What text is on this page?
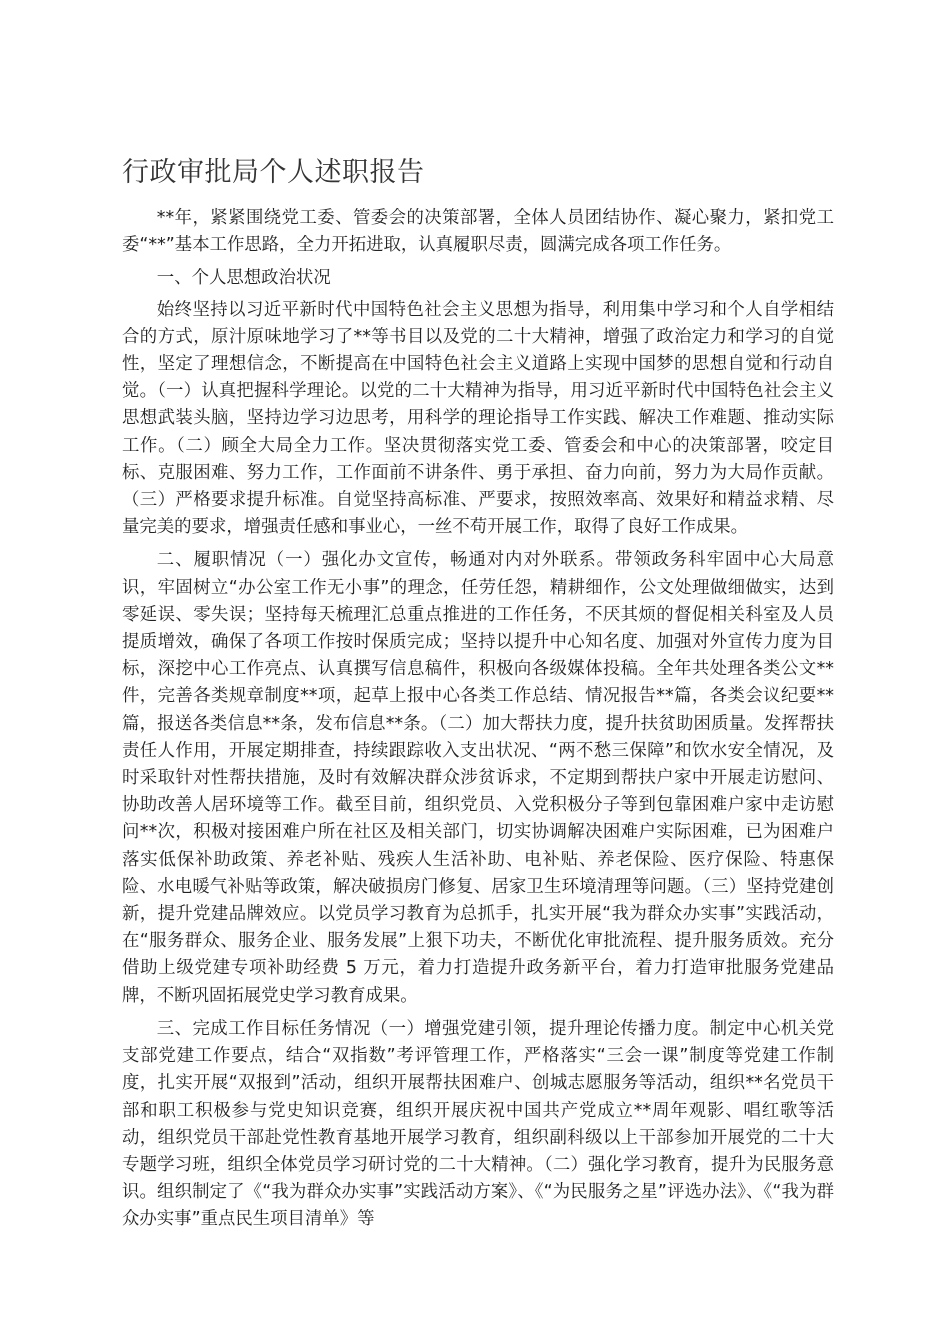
行政审批局个人述职报告

**年，紧紧围绕党工委、管委会的决策部署，全体人员团结协作、凝心聚力，紧扣党工委“**”基本工作思路，全力开拓进取，认真履职尽责，圆满完成各项工作任务。

一、个人思想政治状况

始终坚持以习近平新时代中国特色社会主义思想为指导，利用集中学习和个人自学相结合的方式，原汁原味地学习了**等书目以及党的二十大精神，增强了政治定力和学习的自觉性，坚定了理想信念，不断提高在中国特色社会主义道路上实现中国梦的思想自觉和行动自觉。（一）认真把握科学理论。以党的二十大精神为指导，用习近平新时代中国特色社会主义思想武装头脑，坚持边学习边思考，用科学的理论指导工作实践、解决工作难题、推动实际工作。（二）顾全大局全力工作。坚决贯彻落实党工委、管委会和中心的决策部署，咬定目标、克服困难、努力工作，工作面前不讲条件、勇于承担、奋力向前，努力为大局作贡献。（三）严格要求提升标准。自觉坚持高标准、严要求，按照效率高、效果好和精益求精、尽量完美的要求，增强责任感和事业心，一丝不苟开展工作，取得了良好工作成果。

二、履职情况（一）强化办文宣传，畅通对内对外联系。带领政务科牢固中心大局意识，牢固树立“办公室工作无小事”的理念，任劳任怨，精耕细作，公文处理做细做实，达到零延误、零失误；坚持每天梳理汇总重点推进的工作任务，不厌其烦的督促相关科室及人员提质增效，确保了各项工作按时保质完成；坚持以提升中心知名度、加强对外宣传力度为目标，深挖中心工作亮点、认真撰写信息稿件，积极向各级媒体投稿。全年共处理各类公文**件，完善各类规章制度**项，起草上报中心各类工作总结、情况报告**篇，各类会议纪要**篇，报送各类信息**条，发布信息**条。（二）加大帮扶力度，提升扶贫助困质量。发挥帮扶责任人作用，开展定期排查，持续跟踪收入支出状况、“两不愁三保障”和饮水安全情况，及时采取针对性帮扶措施，及时有效解决群众涉贫诉求，不定期到帮扶户家中开展走访慰问、协助改善人居环境等工作。截至目前，组织党员、入党积极分子等到包靠困难户家中走访慰问**次，积极对接困难户所在社区及相关部门，切实协调解决困难户实际困难，已为困难户落实低保补助政策、养老补贴、残疾人生活补助、电补贴、养老保险、医疗保险、特惠保险、水电暖气补贴等政策，解决破损房门修复、居家卫生环境清理等问题。（三）坚持党建创新，提升党建品牌效应。以党员学习教育为总抓手，扎实开展“我为群众办实事”实践活动，在“服务群众、服务企业、服务发展”上狠下功夫，不断优化审批流程、提升服务质效。充分借助上级党建专项补助经费 5 万元，着力打造提升政务新平台，着力打造审批服务党建品牌，不断巩固拓展党史学习教育成果。

三、完成工作目标任务情况（一）增强党建引领，提升理论传播力度。制定中心机关党支部党建工作要点，结合“双指数”考评管理工作，严格落实“三会一课”制度等党建工作制度，扎实开展“双报到”活动，组织开展帮扶困难户、创城志愿服务等活动，组织**名党员干部和职工积极参与党史知识竞赛，组织开展庆祝中国共产党成立**周年观影、唱红歌等活动，组织党员干部赴党性教育基地开展学习教育，组织副科级以上干部参加开展党的二十大专题学习班，组织全体党员学习研讨党的二十大精神。（二）强化学习教育，提升为民服务意识。组织制定了《“我为群众办实事”实践活动方案》、《“为民服务之星”评选办法》、《“我为群众办实事”重点民生项目清单》等
